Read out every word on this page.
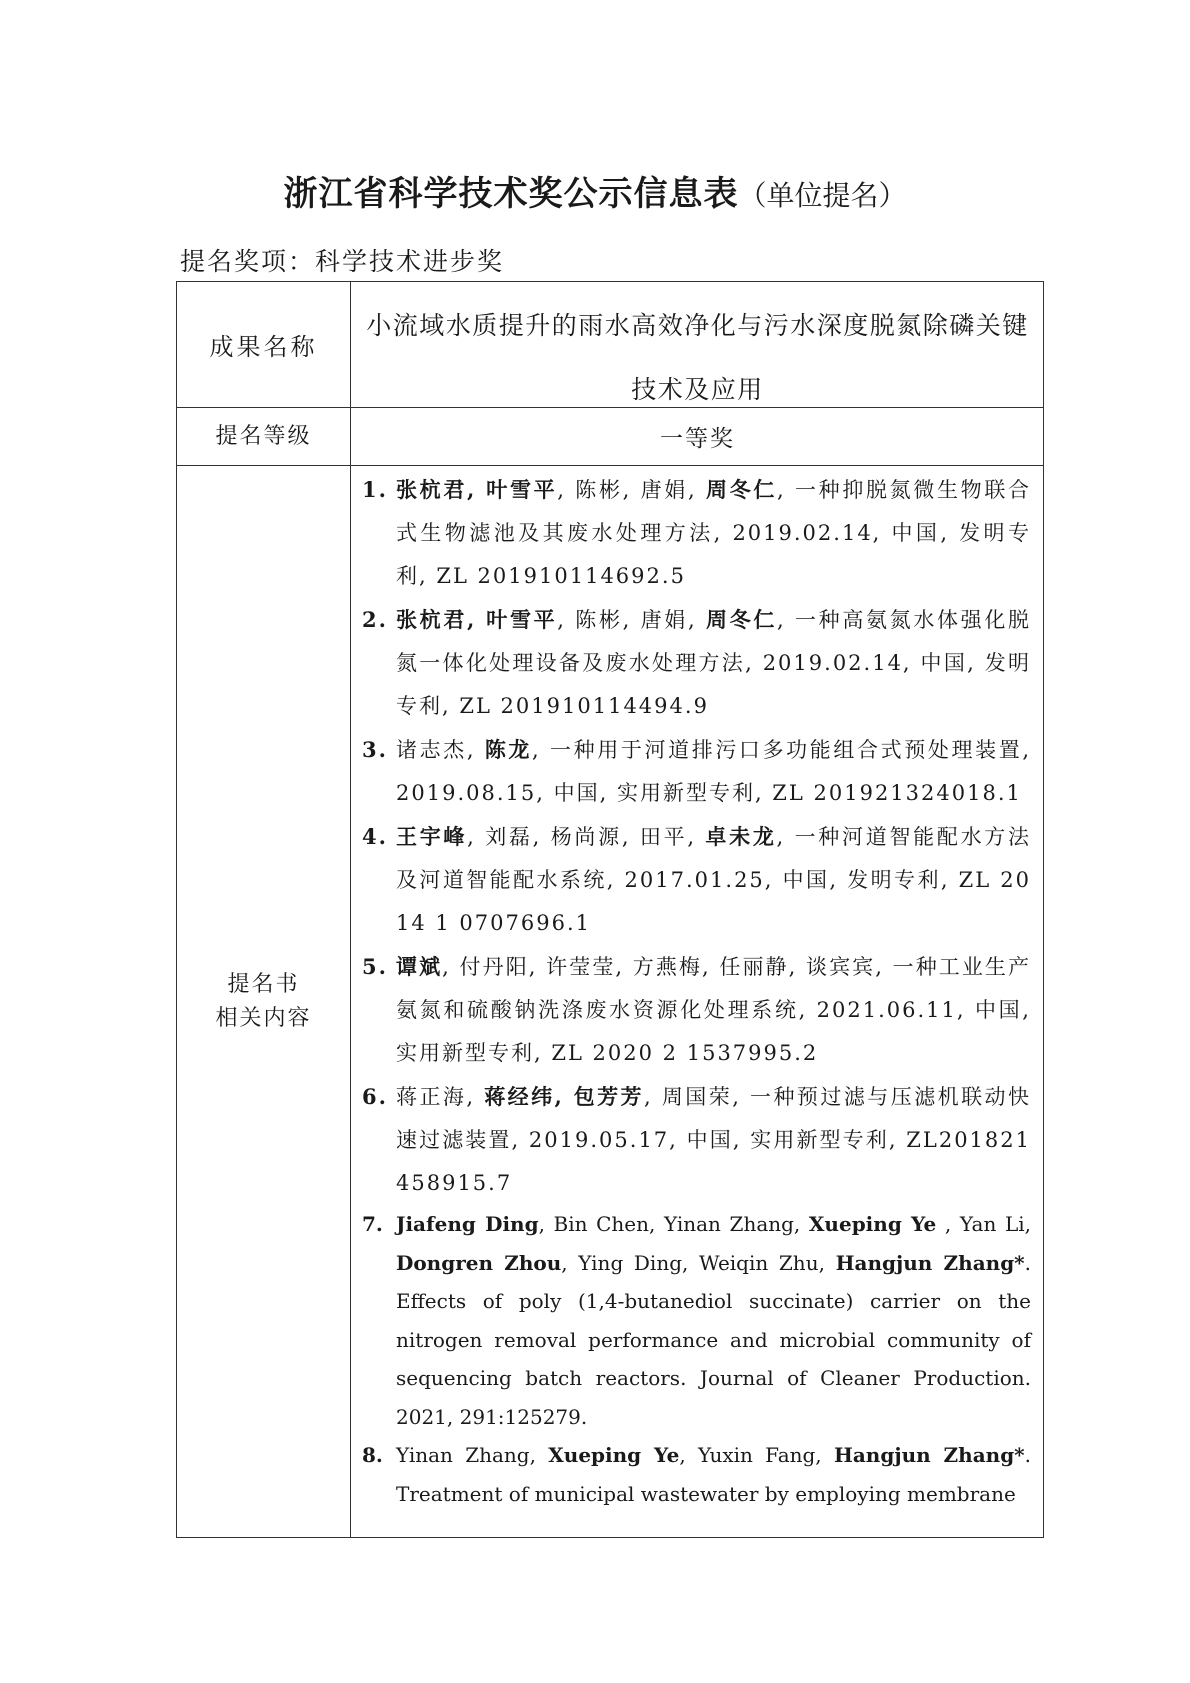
浙江省科学技术奖公示信息表（单位提名）
提名奖项：科学技术进步奖
成果名称
小流域水质提升的雨水高效净化与污水深度脱氮除磷关键技术及应用
提名等级	一等奖
提名书
相关内容
1. 张杭君, 叶雪平, 陈彬, 唐娟, 周冬仁, 一种抑脱氮微生物联合式生物滤池及其废水处理方法, 2019.02.14, 中国, 发明专利, ZL 201910114692.5
2. 张杭君, 叶雪平, 陈彬, 唐娟, 周冬仁, 一种高氨氮水体强化脱氮一体化处理设备及废水处理方法, 2019.02.14, 中国, 发明专利, ZL 201910114494.9
3. 诸志杰, 陈龙, 一种用于河道排污口多功能组合式预处理装置, 2019.08.15, 中国, 实用新型专利, ZL 201921324018.1
4. 王宇峰, 刘磊, 杨尚源, 田平, 卓未龙, 一种河道智能配水方法及河道智能配水系统, 2017.01.25, 中国, 发明专利, ZL 2014 1 0707696.1
5. 谭斌, 付丹阳, 许莹莹, 方燕梅, 任丽静, 谈宾宾, 一种工业生产氨氮和硫酸钠洗涤废水资源化处理系统, 2021.06.11, 中国, 实用新型专利, ZL 2020 2 1537995.2
6. 蒋正海, 蒋经纬, 包芳芳, 周国荣, 一种预过滤与压滤机联动快速过滤装置, 2019.05.17, 中国, 实用新型专利, ZL201821458915.7
7. Jiafeng Ding, Bin Chen, Yinan Zhang, Xueping Ye , Yan Li, Dongren Zhou, Ying Ding, Weiqin Zhu, Hangjun Zhang*. Effects of poly (1,4-butanediol succinate) carrier on the nitrogen removal performance and microbial community of sequencing batch reactors. Journal of Cleaner Production. 2021, 291:125279.
8. Yinan Zhang, Xueping Ye, Yuxin Fang, Hangjun Zhang*. Treatment of municipal wastewater by employing membrane
